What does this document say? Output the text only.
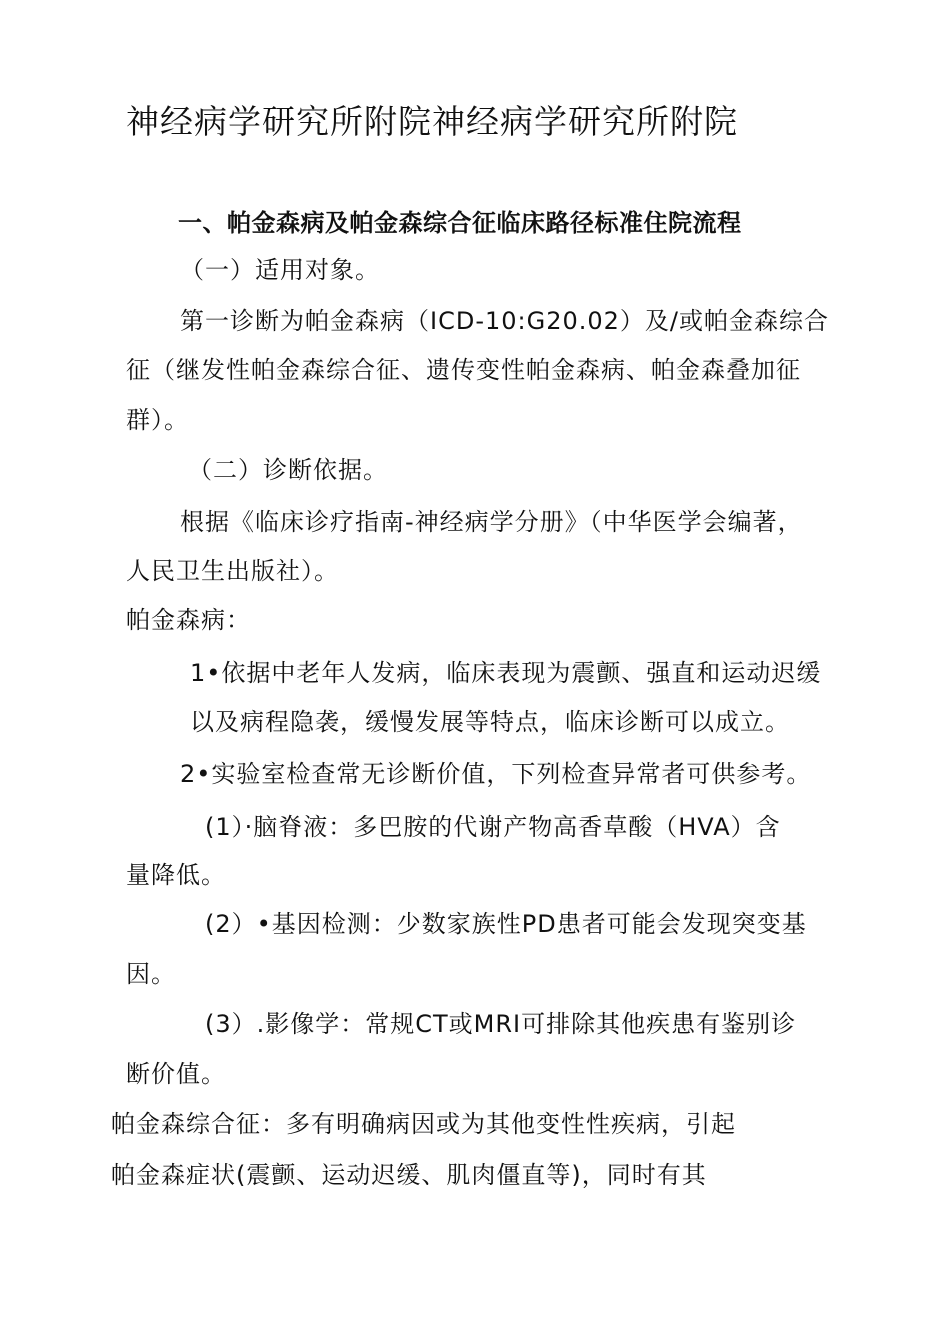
神经病学研究所附院神经病学研究所附院
一、帕金森病及帕金森综合征临床路径标准住院流程
（一）适用对象。
第一诊断为帕金森病（ICD-10:G20.02）及/或帕金森综合
征（继发性帕金森综合征、遗传变性帕金森病、帕金森叠加征
群）。
（二）诊断依据。
根据《临床诊疗指南-神经病学分册》（中华医学会编著，
人民卫生出版社）。
帕金森病：
1•依据中老年人发病，临床表现为震颤、强直和运动迟缓
以及病程隐袭，缓慢发展等特点，临床诊断可以成立。
2•实验室检查常无诊断价值，下列检查异常者可供参考。
(1）·脑脊液：多巴胺的代谢产物高香草酸（HVA）含
量降低。
(2）•基因检测：少数家族性PD患者可能会发现突变基
因。
(3）.影像学：常规CT或MRI可排除其他疾患有鉴别诊
断价值。
帕金森综合征：多有明确病因或为其他变性性疾病，引起
帕金森症状(震颤、运动迟缓、肌肉僵直等)，同时有其
